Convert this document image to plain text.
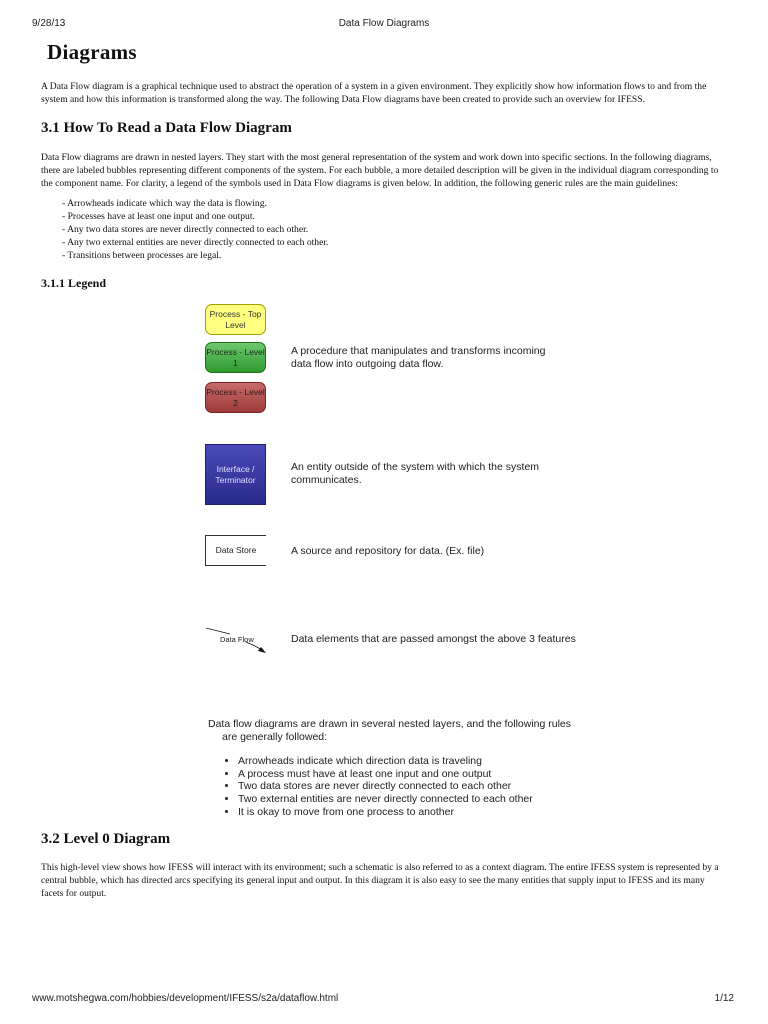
9/28/13	Data Flow Diagrams
Diagrams

A Data Flow diagram is a graphical technique used to abstract the operation of a system in a given environment. They explicitly show how information flows to and from the system and how this information is transformed along the way. The following Data Flow diagrams have been created to provide such an overview for IFESS.

3.1 How To Read a Data Flow Diagram

Data Flow diagrams are drawn in nested layers. They start with the most general representation of the system and work down into specific sections. In the following diagrams, there are labeled bubbles representing different components of the system. For each bubble, a more detailed description will be given in the individual diagram corresponding to the component name. For clarity, a legend of the symbols used in Data Flow diagrams is given below. In addition, the following generic rules are the main guidelines:

- Arrowheads indicate which way the data is flowing.
- Processes have at least one input and one output.
- Any two data stores are never directly connected to each other.
- Any two external entities are never directly connected to each other.
- Transitions between processes are legal.
3.1.1 Legend
Process - Top Level
Process - Level 1
Process - Level 2
A procedure that manipulates and transforms incoming data flow into outgoing data flow.
Interface / Terminator
An entity outside of the system with which the system communicates.
Data Store	A source and repository for data. (Ex. file)
Data Flow	Data elements that are passed amongst the above 3 features
Data flow diagrams are drawn in several nested layers, and the following rules
are generally followed:
• Arrowheads indicate which direction data is traveling
• A process must have at least one input and one output
• Two data stores are never directly connected to each other
• Two external entities are never directly connected to each other
• It is okay to move from one process to another
3.2 Level 0 Diagram

This high-level view shows how IFESS will interact with its environment; such a schematic is also referred to as a context diagram. The entire IFESS system is represented by a central bubble, which has directed arcs specifying its general input and output. In this diagram it is also easy to see the many entities that supply input to IFESS and its many facets for output.

www.motshegwa.com/hobbies/development/IFESS/s2a/dataflow.html	1/12
